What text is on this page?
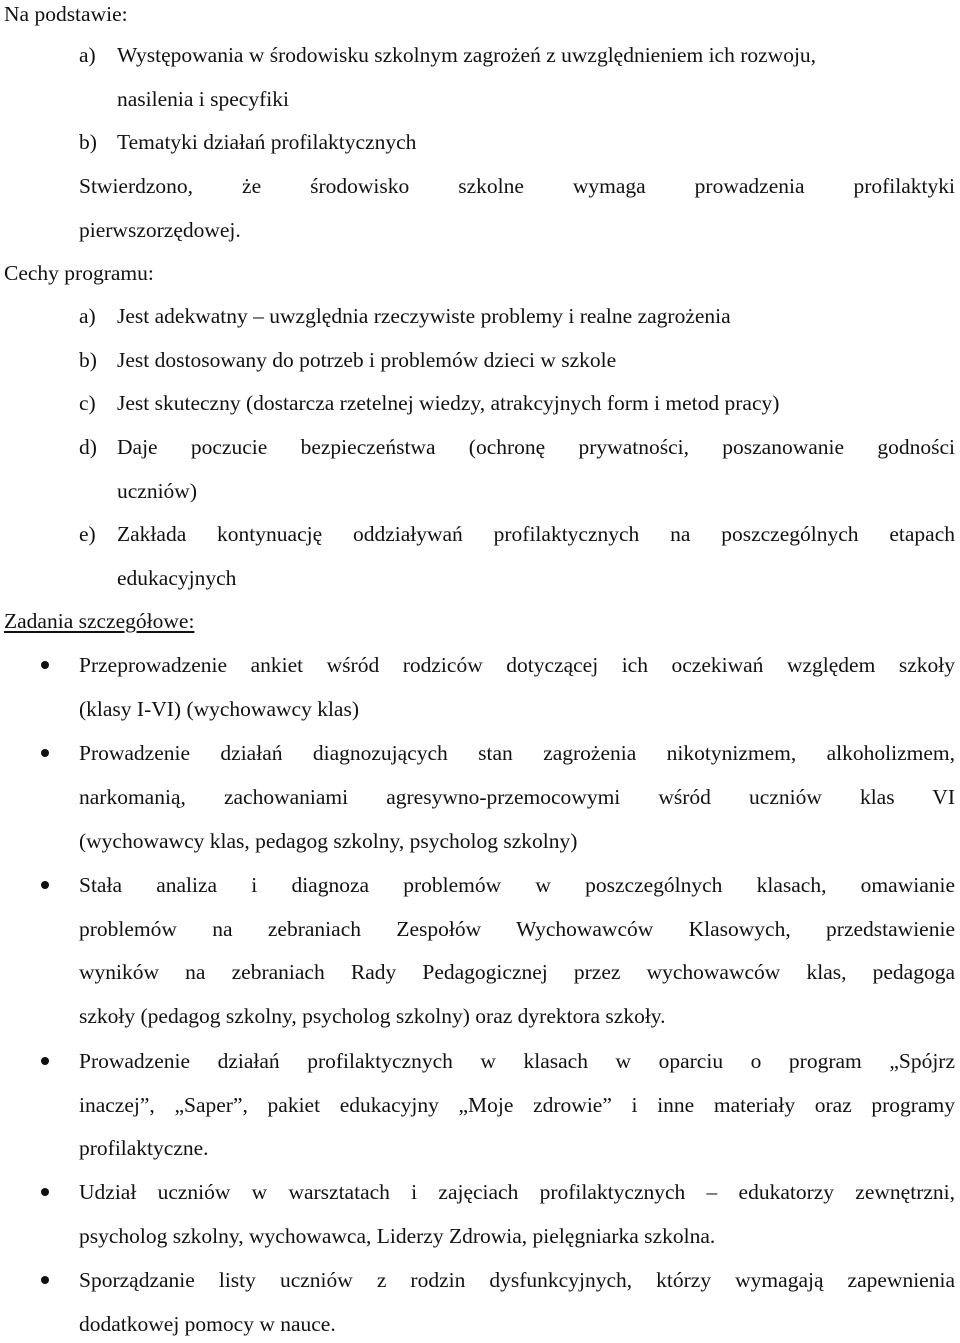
Na podstawie:
a) Występowania w środowisku szkolnym zagrożeń z uwzględnieniem ich rozwoju,
nasilenia i specyfiki
b) Tematyki działań profilaktycznych
Stwierdzono, że środowisko szkolne wymaga prowadzenia profilaktyki
pierwszorzędowej.
Cechy programu:
a) Jest adekwatny – uwzględnia rzeczywiste problemy i realne zagrożenia
b) Jest dostosowany do potrzeb i problemów dzieci w szkole
c) Jest skuteczny (dostarcza rzetelnej wiedzy, atrakcyjnych form i metod pracy)
d) Daje poczucie bezpieczeństwa (ochronę prywatności, poszanowanie godności
uczniów)
e) Zakłada kontynuację oddziaływań profilaktycznych na poszczególnych etapach
edukacyjnych
Zadania szczegółowe:
Przeprowadzenie ankiet wśród rodziców dotyczącej ich oczekiwań względem szkoły
(klasy I-VI) (wychowawcy klas)
Prowadzenie działań diagnozujących stan zagrożenia nikotynizmem, alkoholizmem,
narkomanią, zachowaniami agresywno-przemocowymi wśród uczniów klas VI
(wychowawcy klas, pedagog szkolny, psycholog szkolny)
Stała analiza i diagnoza problemów w poszczególnych klasach, omawianie
problemów na zebraniach Zespołów Wychowawców Klasowych, przedstawienie
wyników na zebraniach Rady Pedagogicznej przez wychowawców klas, pedagoga
szkoły (pedagog szkolny, psycholog szkolny) oraz dyrektora szkoły.
Prowadzenie działań profilaktycznych w klasach w oparciu o program „Spójrz
inaczej”, „Saper”, pakiet edukacyjny „Moje zdrowie” i inne materiały oraz programy
profilaktyczne.
Udział uczniów w warsztatach i zajęciach profilaktycznych – edukatorzy zewnętrzni,
psycholog szkolny, wychowawca, Liderzy Zdrowia, pielęgniarka szkolna.
Sporządzanie listy uczniów z rodzin dysfunkcyjnych, którzy wymagają zapewnienia
dodatkowej pomocy w nauce.
